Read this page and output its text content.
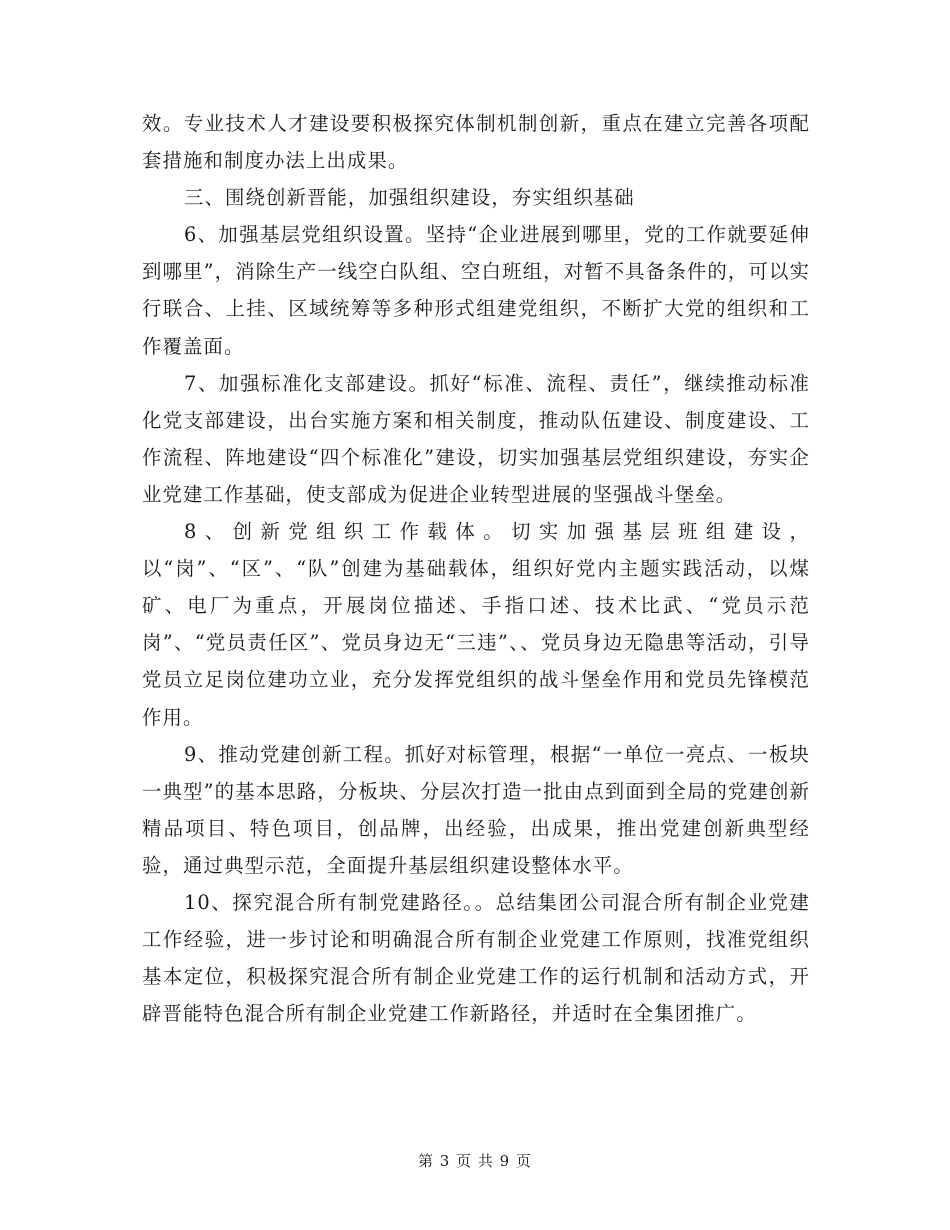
效。专业技术人才建设要积极探究体制机制创新，重点在建立完善各项配套措施和制度办法上出成果。

三、围绕创新晋能，加强组织建设，夯实组织基础

6、加强基层党组织设置。坚持“企业进展到哪里，党的工作就要延伸到哪里”，消除生产一线空白队组、空白班组，对暂不具备条件的，可以实行联合、上挂、区域统筹等多种形式组建党组织，不断扩大党的组织和工作覆盖面。

7、加强标准化支部建设。抓好“标准、流程、责任”，继续推动标准化党支部建设，出台实施方案和相关制度，推动队伍建设、制度建设、工作流程、阵地建设“四个标准化”建设，切实加强基层党组织建设，夯实企业党建工作基础，使支部成为促进企业转型进展的坚强战斗堡垒。

8、创新党组织工作载体。切实加强基层班组建设，以“岗”、“区”、“队”创建为基础载体，组织好党内主题实践活动，以煤矿、电厂为重点，开展岗位描述、手指口述、技术比武、“党员示范岗”、“党员责任区”、党员身边无“三违”、、党员身边无隐患等活动，引导党员立足岗位建功立业，充分发挥党组织的战斗堡垒作用和党员先锋模范作用。

9、推动党建创新工程。抓好对标管理，根据“一单位一亮点、一板块一典型”的基本思路，分板块、分层次打造一批由点到面到全局的党建创新精品项目、特色项目，创品牌，出经验，出成果，推出党建创新典型经验，通过典型示范，全面提升基层组织建设整体水平。

10、探究混合所有制党建路径。。总结集团公司混合所有制企业党建工作经验，进一步讨论和明确混合所有制企业党建工作原则，找准党组织基本定位，积极探究混合所有制企业党建工作的运行机制和活动方式，开辟晋能特色混合所有制企业党建工作新路径，并适时在全集团推广。

第 3 页 共 9 页
